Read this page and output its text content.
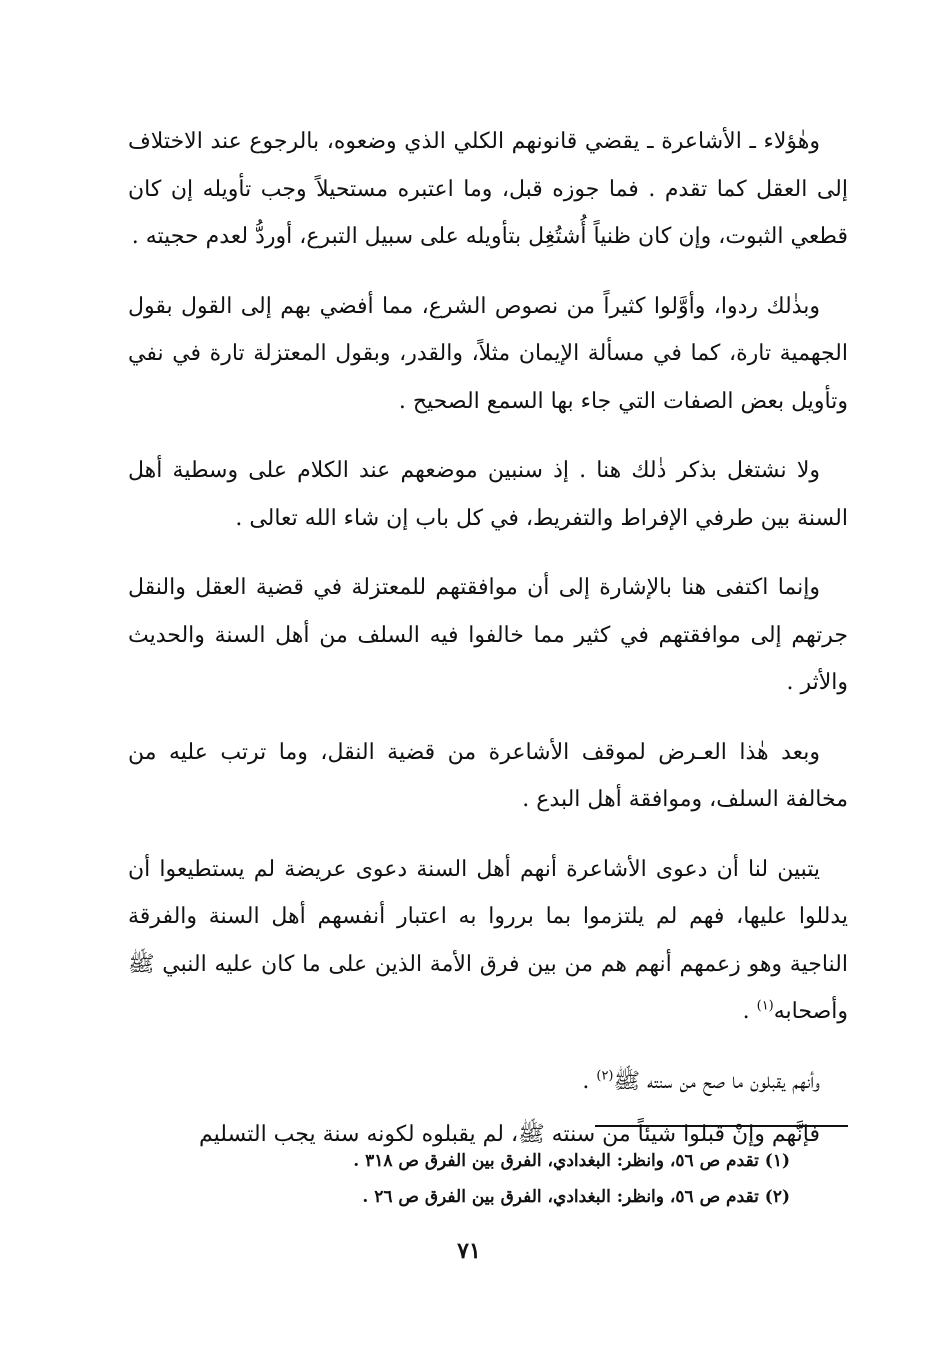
وهٰؤلاء ـ الأشاعرة ـ يقضي قانونهم الكلي الذي وضعوه، بالرجوع عند الاختلاف إلى العقل كما تقدم . فما جوزه قبل، وما اعتبره مستحيلاً وجب تأويله إن كان قطعي الثبوت، وإن كان ظنياً أُشتُغِل بتأويله على سبيل التبرع، أوردُّ لعدم حجيته .

وبذٰلك ردوا، وأوَّلوا كثيراً من نصوص الشرع، مما أفضي بهم إلى القول بقول الجهمية تارة، كما في مسألة الإيمان مثلاً، والقدر، وبقول المعتزلة تارة في نفي وتأويل بعض الصفات التي جاء بها السمع الصحيح .

ولا نشتغل بذكر ذٰلك هنا . إذ سنبين موضعهم عند الكلام على وسطية أهل السنة بين طرفي الإفراط والتفريط، في كل باب إن شاء الله تعالى .

وإنما اكتفى هنا بالإشارة إلى أن موافقتهم للمعتزلة في قضية العقل والنقل جرتهم إلى موافقتهم في كثير مما خالفوا فيه السلف من أهل السنة والحديث والأثر .

وبعد هٰذا العـرض لموقف الأشاعرة من قضية النقل، وما ترتب عليه من مخالفة السلف، وموافقة أهل البدع .

يتبين لنا أن دعوى الأشاعرة أنهم أهل السنة دعوى عريضة لم يستطيعوا أن يدللوا عليها، فهم لم يلتزموا بما برروا به اعتبار أنفسهم أهل السنة والفرقة الناجية وهو زعمهم أنهم هم من بين فرق الأمة الذين على ما كان عليه النبي ﷺ وأصحابه$^{(١)}$ .

وأنهم يقبلون ما صح من سنته ﷺ$^{(٢)}$ .

فإنَّهم وإنْ قبلوا شيئاً من سنته ﷺ، لم يقبلوه لكونه سنة يجب التسليم

(١) تقدم ص ٥٦، وانظر: البغدادي، الفرق بين الفرق ص ٣١٨ .

(٢) تقدم ص ٥٦، وانظر: البغدادي، الفرق بين الفرق ص ٢٦ .

٧١
